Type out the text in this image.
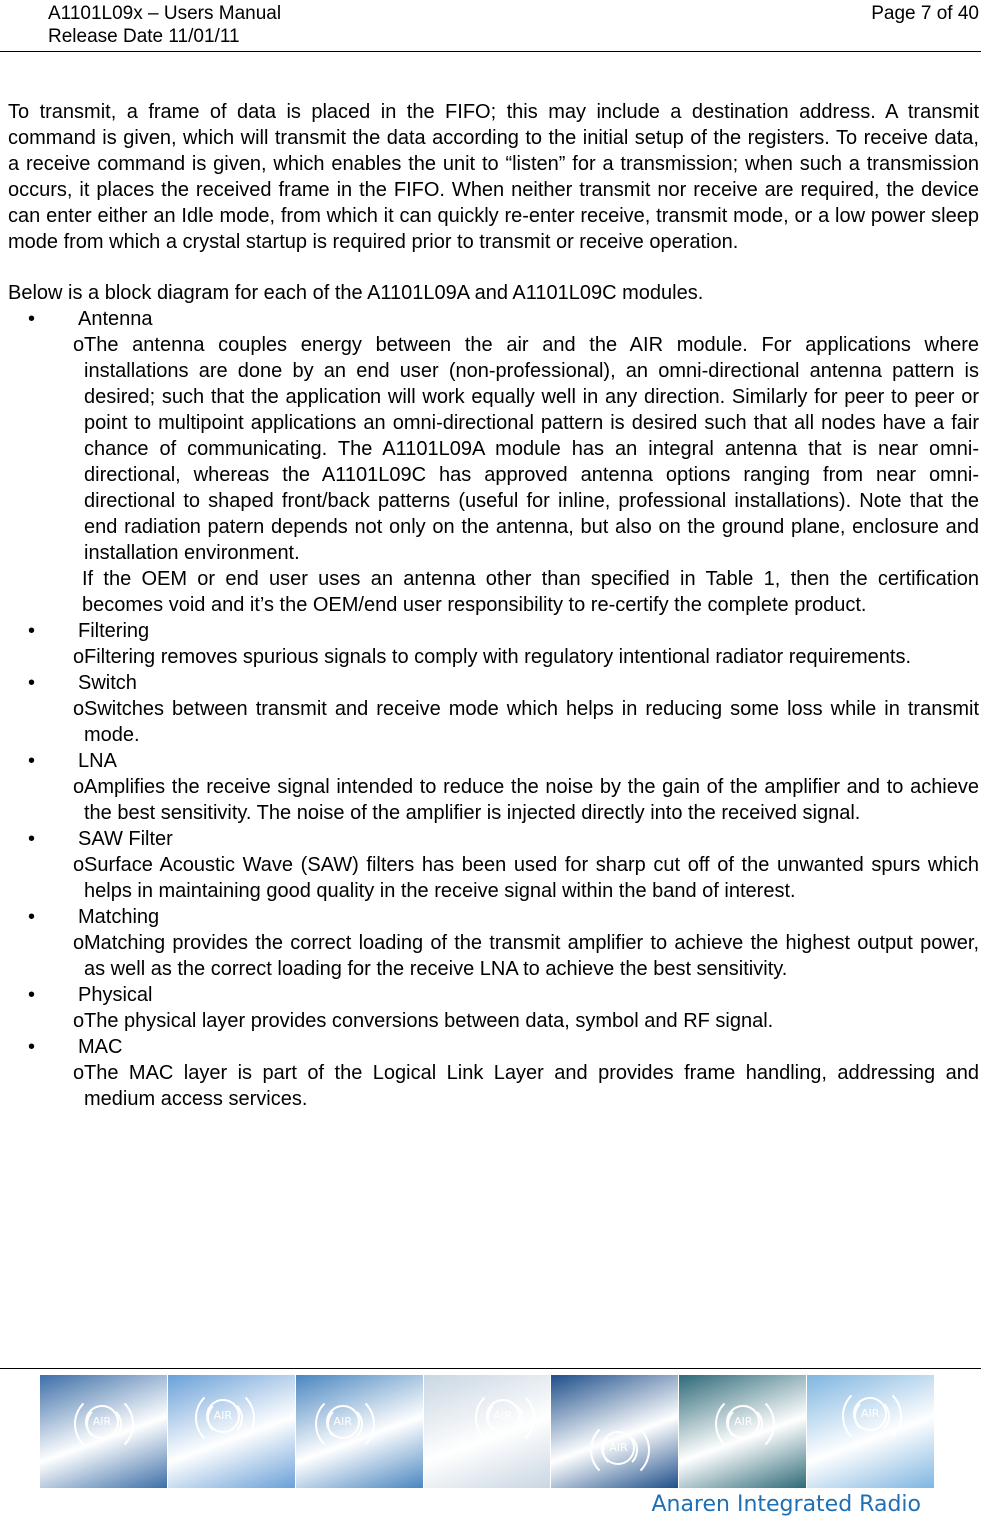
A1101L09x – Users Manual
Release Date 11/01/11
Page 7 of 40

To transmit, a frame of data is placed in the FIFO; this may include a destination address. A transmit command is given, which will transmit the data according to the initial setup of the registers. To receive data, a receive command is given, which enables the unit to “listen” for a transmission; when such a transmission occurs, it places the received frame in the FIFO. When neither transmit nor receive are required, the device can enter either an Idle mode, from which it can quickly re-enter receive, transmit mode, or a low power sleep mode from which a crystal startup is required prior to transmit or receive operation.

Below is a block diagram for each of the A1101L09A and A1101L09C modules.

• Antenna
o The antenna couples energy between the air and the AIR module. For applications where installations are done by an end user (non-professional), an omni-directional antenna pattern is desired; such that the application will work equally well in any direction. Similarly for peer to peer or point to multipoint applications an omni-directional pattern is desired such that all nodes have a fair chance of communicating. The A1101L09A module has an integral antenna that is near omni-directional, whereas the A1101L09C has approved antenna options ranging from near omni-directional to shaped front/back patterns (useful for inline, professional installations). Note that the end radiation patern depends not only on the antenna, but also on the ground plane, enclosure and installation environment.
If the OEM or end user uses an antenna other than specified in Table 1, then the certification becomes void and it’s the OEM/end user responsibility to re-certify the complete product.
• Filtering
o Filtering removes spurious signals to comply with regulatory intentional radiator requirements.
• Switch
o Switches between transmit and receive mode which helps in reducing some loss while in transmit mode.
• LNA
o Amplifies the receive signal intended to reduce the noise by the gain of the amplifier and to achieve the best sensitivity. The noise of the amplifier is injected directly into the received signal.
• SAW Filter
o Surface Acoustic Wave (SAW) filters has been used for sharp cut off of the unwanted spurs which helps in maintaining good quality in the receive signal within the band of interest.
• Matching
o Matching provides the correct loading of the transmit amplifier to achieve the highest output power, as well as the correct loading for the receive LNA to achieve the best sensitivity.
• Physical
o The physical layer provides conversions between data, symbol and RF signal.
• MAC
o The MAC layer is part of the Logical Link Layer and provides frame handling, addressing and medium access services.
AIR	AIR	AIR	AIR
AIR
AIR
AIR
Anaren Integrated Radio
